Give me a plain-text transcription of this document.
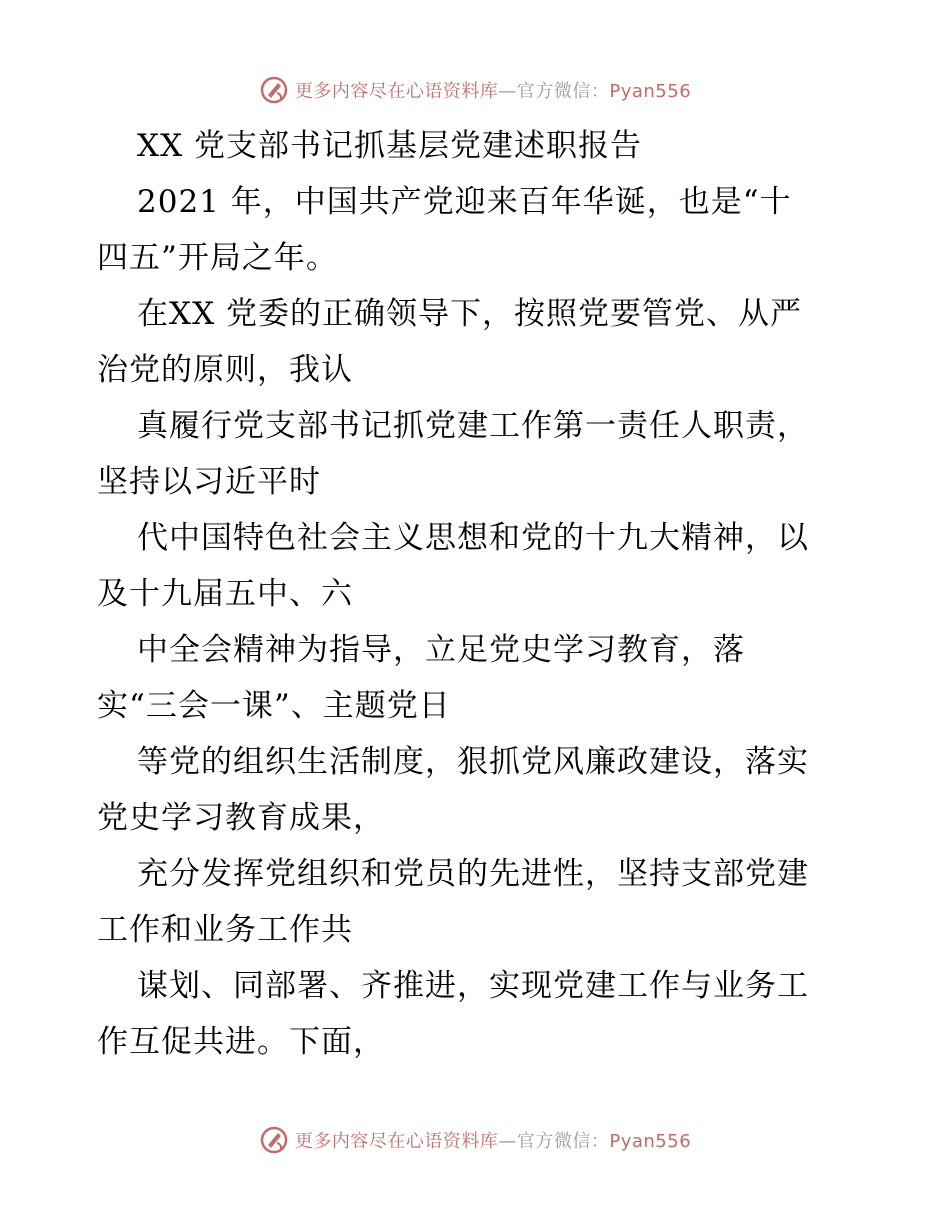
更多内容尽在心语资料库—官方微信：Pyan556
XX 党支部书记抓基层党建述职报告
2021 年，中国共产党迎来百年华诞，也是“十
四五”开局之年。
在XX 党委的正确领导下，按照党要管党、从严
治党的原则，我认
真履行党支部书记抓党建工作第一责任人职责，
坚持以习近平时
代中国特色社会主义思想和党的十九大精神，以
及十九届五中、六
中全会精神为指导，立足党史学习教育，落
实“三会一课”、主题党日
等党的组织生活制度，狠抓党风廉政建设，落实
党史学习教育成果，
充分发挥党组织和党员的先进性，坚持支部党建
工作和业务工作共
谋划、同部署、齐推进，实现党建工作与业务工
作互促共进。下面，
更多内容尽在心语资料库—官方微信：Pyan556
